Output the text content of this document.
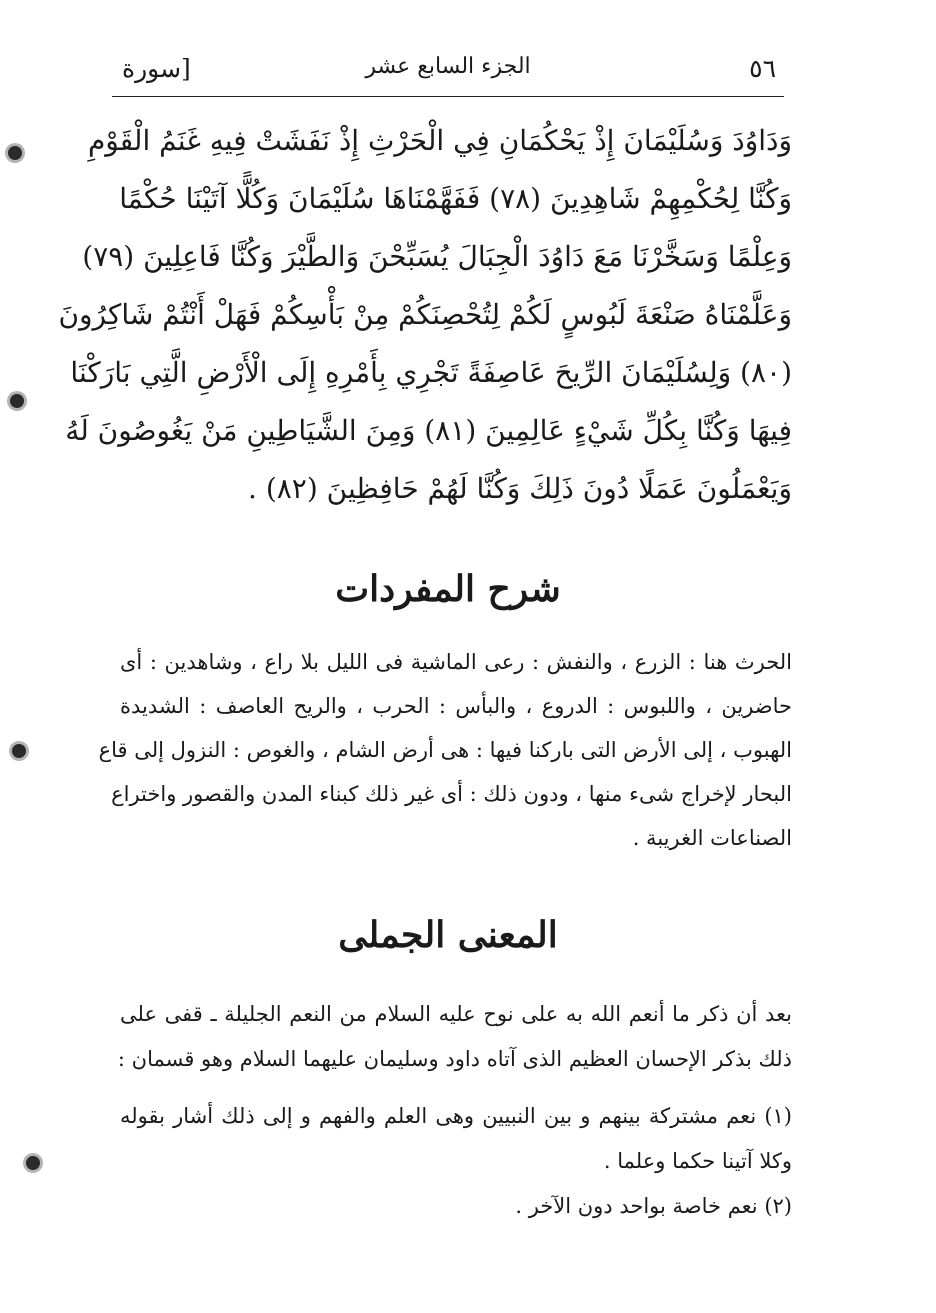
٥٦
الجزء السابع عشر
[سورة
وَدَاوُدَ وَسُلَيْمَانَ إِذْ يَحْكُمَانِ فِي الْحَرْثِ إِذْ نَفَشَتْ فِيهِ غَنَمُ الْقَوْمِ
وَكُنَّا لِحُكْمِهِمْ شَاهِدِينَ (٧٨) فَفَهَّمْنَاهَا سُلَيْمَانَ وَكُلًّا آتَيْنَا حُكْمًا
وَعِلْمًا وَسَخَّرْنَا مَعَ دَاوُدَ الْجِبَالَ يُسَبِّحْنَ وَالطَّيْرَ وَكُنَّا فَاعِلِينَ (٧٩)
وَعَلَّمْنَاهُ صَنْعَةَ لَبُوسٍ لَكُمْ لِتُحْصِنَكُمْ مِنْ بَأْسِكُمْ فَهَلْ أَنْتُمْ شَاكِرُونَ
(٨٠) وَلِسُلَيْمَانَ الرِّيحَ عَاصِفَةً تَجْرِي بِأَمْرِهِ إِلَى الْأَرْضِ الَّتِي بَارَكْنَا
فِيهَا وَكُنَّا بِكُلِّ شَيْءٍ عَالِمِينَ (٨١) وَمِنَ الشَّيَاطِينِ مَنْ يَغُوصُونَ لَهُ
وَيَعْمَلُونَ عَمَلًا دُونَ ذَلِكَ وَكُنَّا لَهُمْ حَافِظِينَ (٨٢) .
شرح المفردات
الحرث هنا : الزرع ، والنفش : رعى الماشية فى الليل بلا راع ، وشاهدين : أى
حاضرين ، واللبوس : الدروع ، والبأس : الحرب ، والريح العاصف : الشديدة
الهبوب ، إلى الأرض التى باركنا فيها : هى أرض الشام ، والغوص : النزول إلى قاع
البحار لإخراج شىء منها ، ودون ذلك : أى غير ذلك كبناء المدن والقصور واختراع
الصناعات الغريبة .
المعنى الجملى
بعد أن ذكر ما أنعم الله به على نوح عليه السلام من النعم الجليلة ـ قفى على
ذلك بذكر الإحسان العظيم الذى آتاه داود وسليمان عليهما السلام وهو قسمان :
(١) نعم مشتركة بينهم و بين النبيين وهى العلم والفهم و إلى ذلك أشار بقوله
وكلا آتينا حكما وعلما .
(٢) نعم خاصة بواحد دون الآخر .
